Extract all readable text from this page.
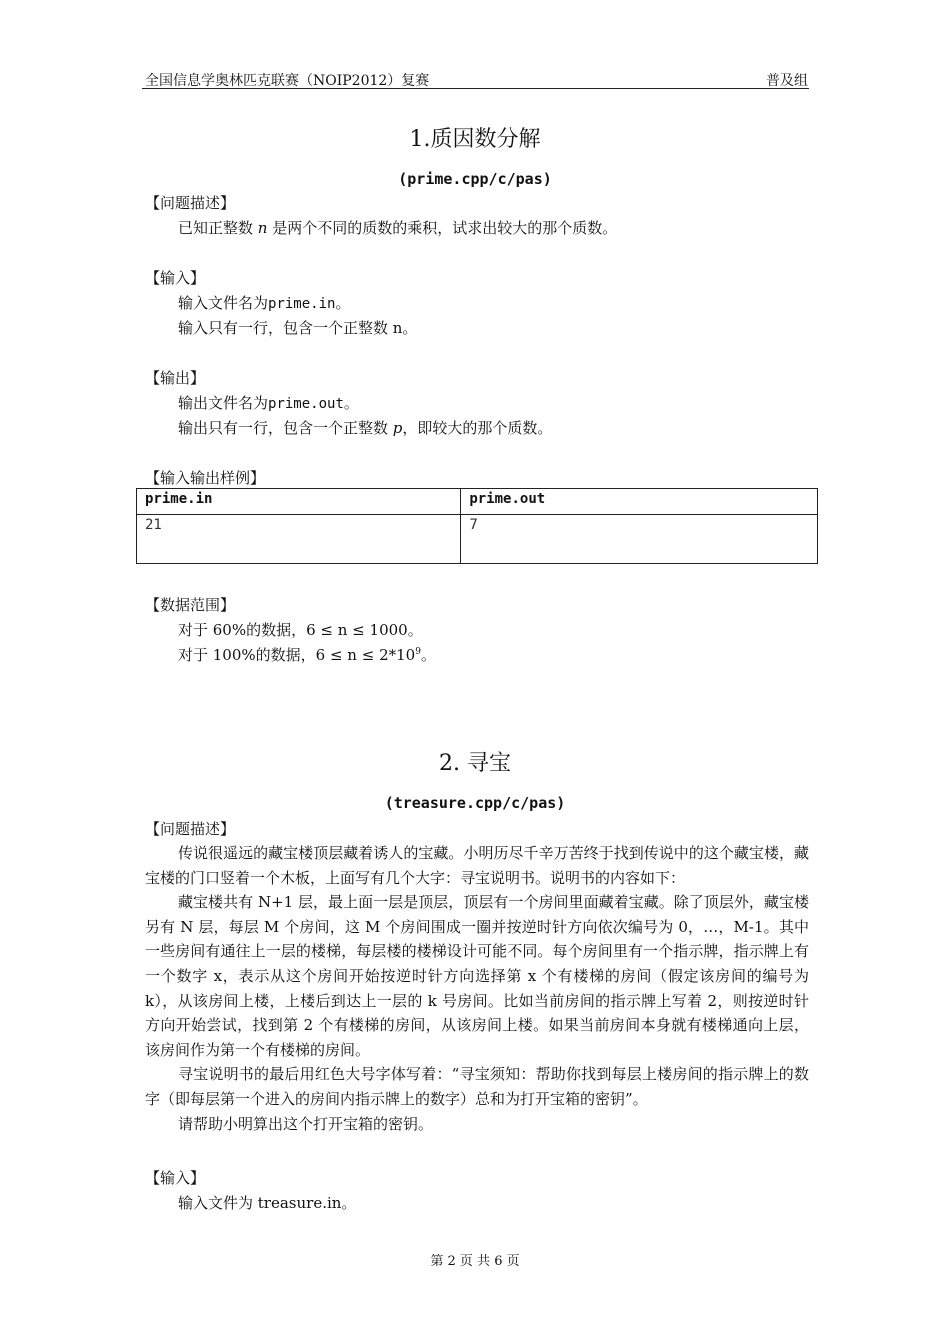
全国信息学奥林匹克联赛（NOIP2012）复赛	普及组
1.质因数分解
(prime.cpp/c/pas)
【问题描述】
已知正整数 n 是两个不同的质数的乘积，试求出较大的那个质数。
【输入】
输入文件名为prime.in。
输入只有一行，包含一个正整数 n。
【输出】
输出文件名为prime.out。
输出只有一行，包含一个正整数 p，即较大的那个质数。
【输入输出样例】
prime.in	prime.out
21	7
【数据范围】
对于 60%的数据，6 ≤ n ≤ 1000。
对于 100%的数据，$6 \le n \le 2*10^9$。
2. 寻宝
(treasure.cpp/c/pas)
【问题描述】

传说很遥远的藏宝楼顶层藏着诱人的宝藏。小明历尽千辛万苦终于找到传说中的这个藏宝楼，藏宝楼的门口竖着一个木板，上面写有几个大字：寻宝说明书。说明书的内容如下：

藏宝楼共有 N+1 层，最上面一层是顶层，顶层有一个房间里面藏着宝藏。除了顶层外，藏宝楼另有 N 层，每层 M 个房间，这 M 个房间围成一圈并按逆时针方向依次编号为 0，…，M-1。其中一些房间有通往上一层的楼梯，每层楼的楼梯设计可能不同。每个房间里有一个指示牌，指示牌上有一个数字 x，表示从这个房间开始按逆时针方向选择第 x 个有楼梯的房间（假定该房间的编号为 k），从该房间上楼，上楼后到达上一层的 k 号房间。比如当前房间的指示牌上写着 2，则按逆时针方向开始尝试，找到第 2 个有楼梯的房间，从该房间上楼。如果当前房间本身就有楼梯通向上层，该房间作为第一个有楼梯的房间。

寻宝说明书的最后用红色大号字体写着：“寻宝须知：帮助你找到每层上楼房间的指示牌上的数字（即每层第一个进入的房间内指示牌上的数字）总和为打开宝箱的密钥”。

请帮助小明算出这个打开宝箱的密钥。

【输入】
输入文件为 treasure.in。
第 2 页 共 6 页
